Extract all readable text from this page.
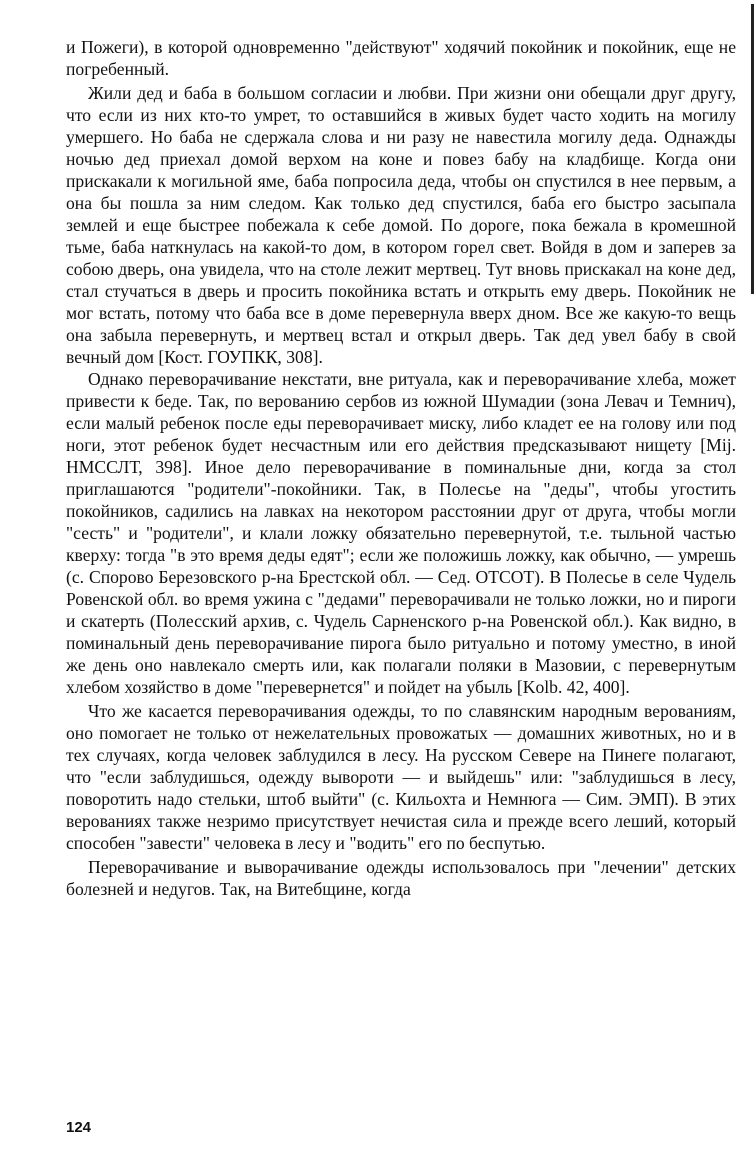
и Пожеги), в которой одновременно "действуют" ходячий покойник и покойник, еще не погребенный.

Жили дед и баба в большом согласии и любви. При жизни они обещали друг другу, что если из них кто-то умрет, то оставшийся в живых будет часто ходить на могилу умершего. Но баба не сдержала слова и ни разу не навестила могилу деда. Однажды ночью дед приехал домой верхом на коне и повез бабу на кладбище. Когда они прискакали к могильной яме, баба попросила деда, чтобы он спустился в нее первым, а она бы пошла за ним следом. Как только дед спустился, баба его быстро засыпала землей и еще быстрее побежала к себе домой. По дороге, пока бежала в кромешной тьме, баба наткнулась на какой-то дом, в котором горел свет. Войдя в дом и заперев за собою дверь, она увидела, что на столе лежит мертвец. Тут вновь прискакал на коне дед, стал стучаться в дверь и просить покойника встать и открыть ему дверь. Покойник не мог встать, потому что баба все в доме перевернула вверх дном. Все же какую-то вещь она забыла перевернуть, и мертвец встал и открыл дверь. Так дед увел бабу в свой вечный дом [Кост. ГОУПКК, 308].

Однако переворачивание некстати, вне ритуала, как и переворачивание хлеба, может привести к беде. Так, по верованию сербов из южной Шумадии (зона Левач и Темнич), если малый ребенок после еды переворачивает миску, либо кладет ее на голову или под ноги, этот ребенок будет несчастным или его действия предсказывают нищету [Мiј. НМССЛТ, 398]. Иное дело переворачивание в поминальные дни, когда за стол приглашаются "родители"-покойники. Так, в Полесье на "деды", чтобы угостить покойников, садились на лавках на некотором расстоянии друг от друга, чтобы могли "сесть" и "родители", и клали ложку обязательно перевернутой, т.е. тыльной частью кверху: тогда "в это время деды едят"; если же положишь ложку, как обычно, — умрешь (с. Спорово Березовского р-на Брестской обл. — Сед. ОТСОТ). В Полесье в селе Чудель Ровенской обл. во время ужина с "дедами" переворачивали не только ложки, но и пироги и скатерть (Полесский архив, с. Чудель Сарненского р-на Ровенской обл.). Как видно, в поминальный день переворачивание пирога было ритуально и потому уместно, в иной же день оно навлекало смерть или, как полагали поляки в Мазовии, с перевернутым хлебом хозяйство в доме "перевернется" и пойдет на убыль [Kolb. 42, 400].

Что же касается переворачивания одежды, то по славянским народным верованиям, оно помогает не только от нежелательных провожатых — домашних животных, но и в тех случаях, когда человек заблудился в лесу. На русском Севере на Пинеге полагают, что "если заблудишься, одежду выворoти — и выйдешь" или: "заблудишься в лесу, поворотить надо стельки, штоб выйти" (с. Кильохта и Немнюга — Сим. ЭМП). В этих верованиях также незримо присутствует нечистая сила и прежде всего леший, который способен "завести" человека в лесу и "водить" его по беспутью.

Переворачивание и выворачивание одежды использовалось при "лечении" детских болезней и недугов. Так, на Витебщине, когда

124
